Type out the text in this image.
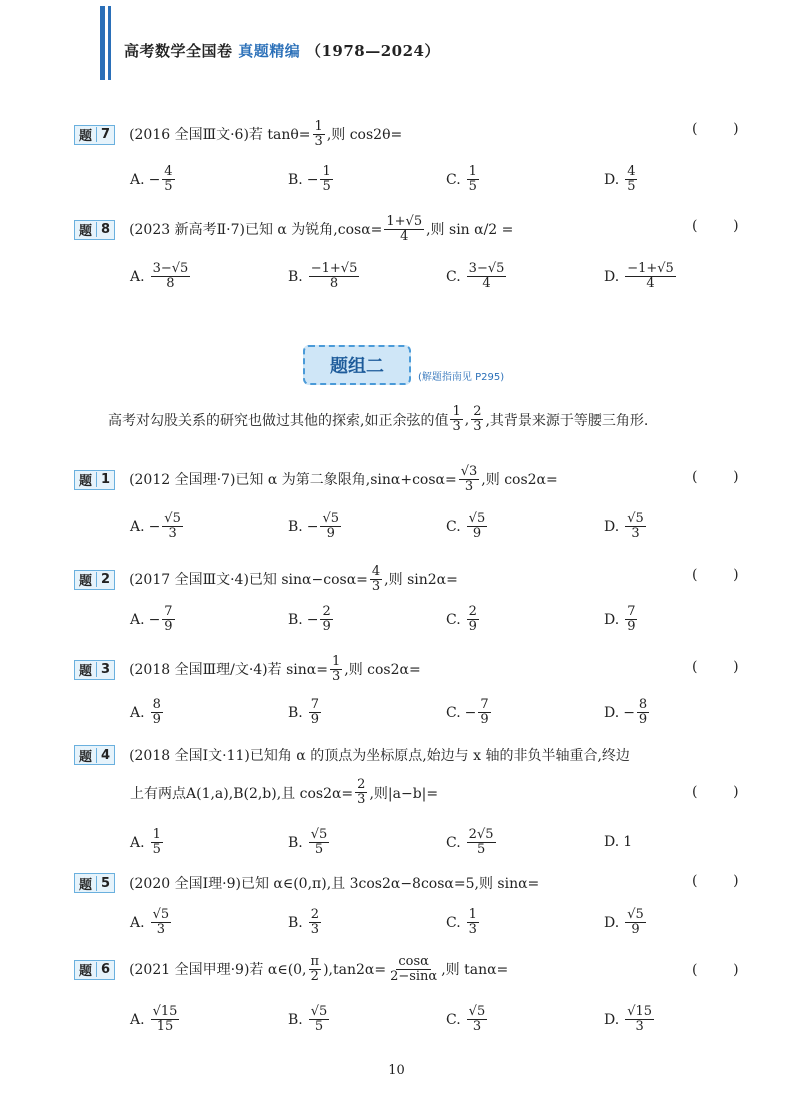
高考数学全国卷 真题精编 （1978—2024）
题 7 (2016 全国Ⅲ文·6)若 $\tan\theta= \frac{1}{3}$ ,则 cos2θ=	(        )
A. − $\frac{4}{5}$	B. − $\frac{1}{5}$	C. $\frac{1}{5}$	D. $\frac{4}{5}$
题 8 (2023 新高考Ⅱ·7)已知 α 为锐角$,\cos\alpha= \frac{1+√5}{4}$ ,则 sin α/2 =	(        )
A. $\frac{3-√5}{8}$	B. $\frac{-1+√5}{8}$	C. $\frac{3-√5}{4}$	D. $\frac{-1+√5}{4}$
题组二
(解题指南见 P295)
高考对勾股关系的研究也做过其他的探索,如正余弦的值 $\frac{1}{3}$ , $\frac{2}{3}$ ,其背景来源于等腰三角形.
题 1 (2012 全国理·7)已知 α 为第二象限角$,\sin\alpha+\cos\alpha= \frac{√3}{3}$ ,则 cos2α=	(        )
A. − $\frac{√5}{3}$	B. − $\frac{√5}{9}$	C. $\frac{√5}{9}$	D. $\frac{√5}{3}$
题 2 (2017 全国Ⅲ文·4)已知 $\sin\alpha-\cos\alpha= \frac{4}{3}$ ,则 sin2α=	(        )
A. − $\frac{7}{9}$	B. − $\frac{2}{9}$	C. $\frac{2}{9}$	D. $\frac{7}{9}$
题 3 (2018 全国Ⅲ理/文·4)若 $\sin\alpha= \frac{1}{3}$ ,则 cos2α=	(        )
A. $\frac{8}{9}$	B. $\frac{7}{9}$	C. − $\frac{7}{9}$	D. − $\frac{8}{9}$
题 4 (2018 全国Ⅰ文·11)已知角 α 的顶点为坐标原点,始边与 x 轴的非负半轴重合,终边
上有两点A(1,a),B(2,b),且 $\cos 2\alpha= \frac{2}{3}$ ,则|a−b|=	(        )
A. $\frac{1}{5}$	B. $\frac{√5}{5}$	C. $\frac{2√5}{5}$	D. 1
题 5 (2020 全国Ⅰ理·9)已知 α∈(0,π),且 3cos2α−8cosα=5,则 sinα=	(        )
A. $\frac{√5}{3}$	B. $\frac{2}{3}$	C. $\frac{1}{3}$	D. $\frac{√5}{9}$
题 6 (2021 全国甲理·9)若 α∈(0, $\frac{\pi}{2} ),\tan 2\alpha= \frac{\cos\alpha}{2-\sin\alpha}$ ,则 tanα=	(        )
A. $\frac{√15}{15}$	B. $\frac{√5}{5}$	C. $\frac{√5}{3}$	D. $\frac{√15}{3}$
10
